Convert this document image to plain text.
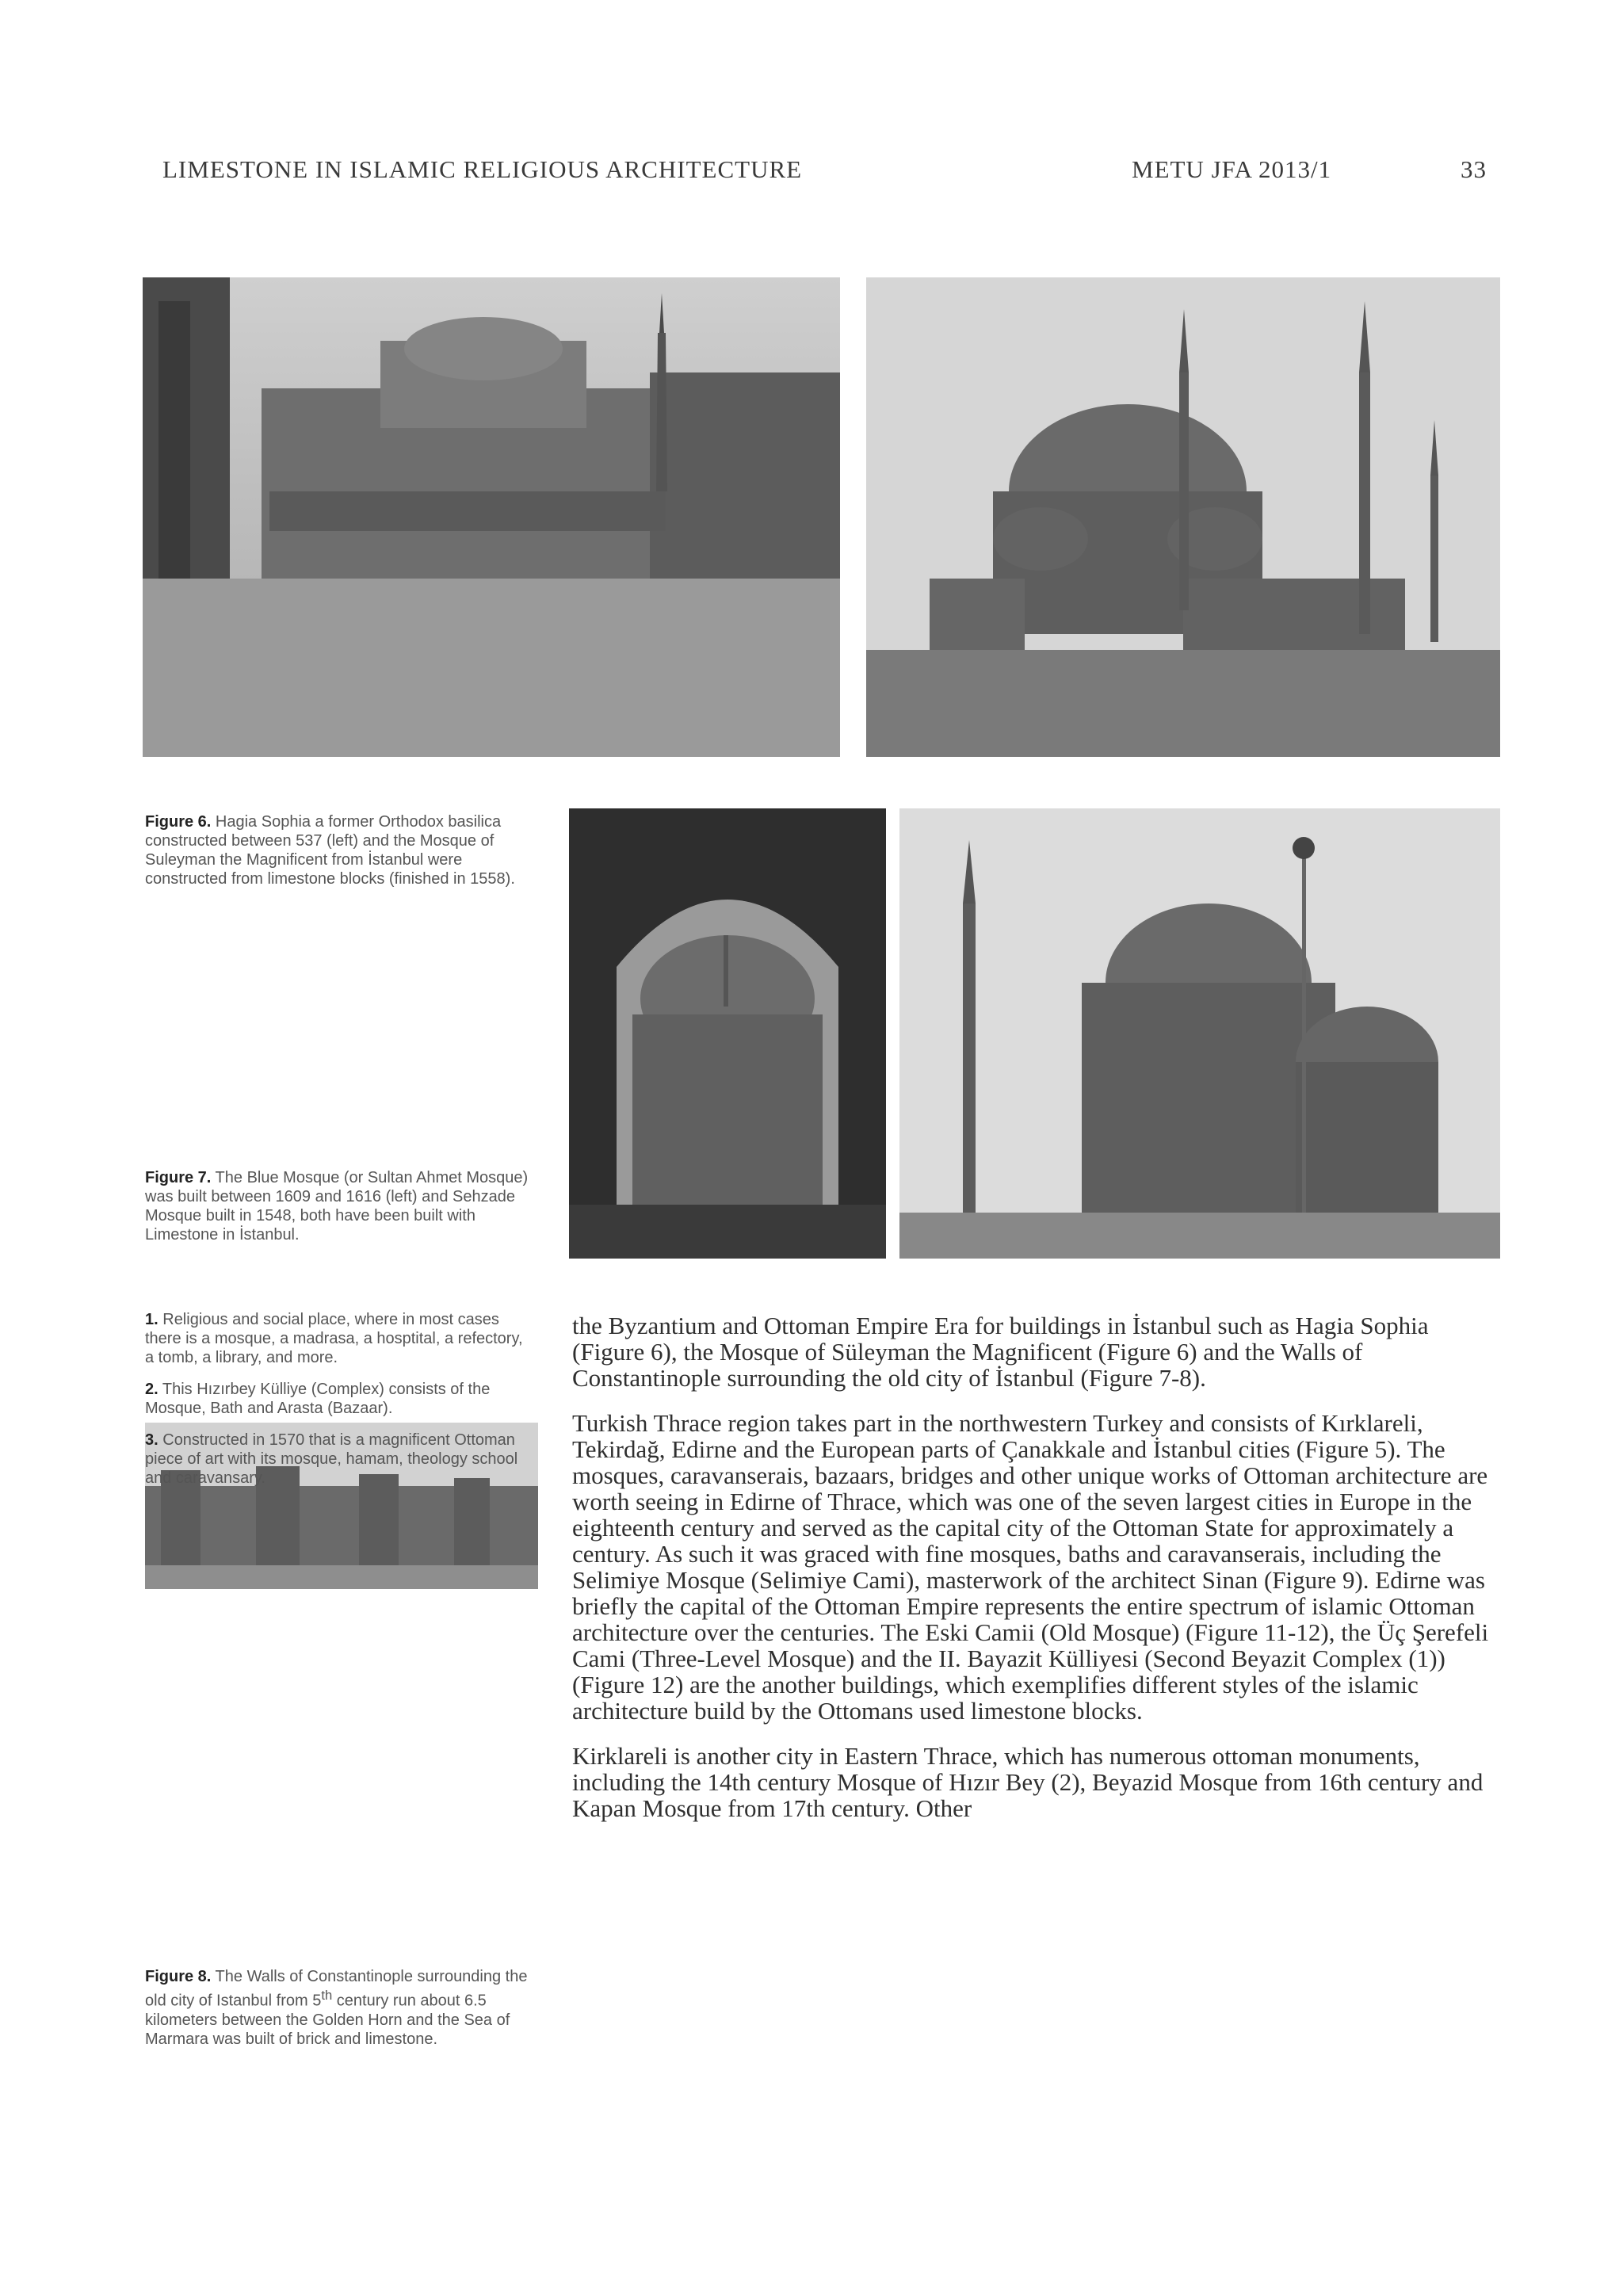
LIMESTONE IN ISLAMIC RELIGIOUS ARCHITECTURE	METU JFA 2013/1	33
Figure 6. Hagia Sophia a former Orthodox basilica constructed between 537 (left) and the Mosque of Suleyman the Magnificent from İstanbul were constructed from limestone blocks (finished in 1558).
Figure 7. The Blue Mosque (or Sultan Ahmet Mosque) was built between 1609 and 1616 (left) and Sehzade Mosque built in 1548, both have been built with Limestone in İstanbul.
Figure 8. The Walls of Constantinople surrounding the old city of Istanbul from 5th century run about 6.5 kilometers between the Golden Horn and the Sea of Marmara was built of brick and limestone.

1. Religious and social place, where in most cases there is a mosque, a madrasa, a hosptital, a refectory, a tomb, a library, and more.

2. This Hızırbey Külliye (Complex) consists of the Mosque, Bath and Arasta (Bazaar).

3. Constructed in 1570 that is a magnificent Ottoman piece of art with its mosque, hamam, theology school and caravansary.

the Byzantium and Ottoman Empire Era for buildings in İstanbul such as Hagia Sophia (Figure 6), the Mosque of Süleyman the Magnificent (Figure 6) and the Walls of Constantinople surrounding the old city of İstanbul (Figure 7-8).

Turkish Thrace region takes part in the northwestern Turkey and consists of Kırklareli, Tekirdağ, Edirne and the European parts of Çanakkale and İstanbul cities (Figure 5). The mosques, caravanserais, bazaars, bridges and other unique works of Ottoman architecture are worth seeing in Edirne of Thrace, which was one of the seven largest cities in Europe in the eighteenth century and served as the capital city of the Ottoman State for approximately a century. As such it was graced with fine mosques, baths and caravanserais, including the Selimiye Mosque (Selimiye Cami), masterwork of the architect Sinan (Figure 9). Edirne was briefly the capital of the Ottoman Empire represents the entire spectrum of islamic Ottoman architecture over the centuries. The Eski Camii (Old Mosque) (Figure 11-12), the Üç Şerefeli Cami (Three-Level Mosque) and the II. Bayazit Külliyesi (Second Beyazit Complex (1)) (Figure 12) are the another buildings, which exemplifies different styles of the islamic architecture build by the Ottomans used limestone blocks.

Kirklareli is another city in Eastern Thrace, which has numerous ottoman monuments, including the 14th century Mosque of Hızır Bey (2), Beyazid Mosque from 16th century and Kapan Mosque from 17th century. Other
